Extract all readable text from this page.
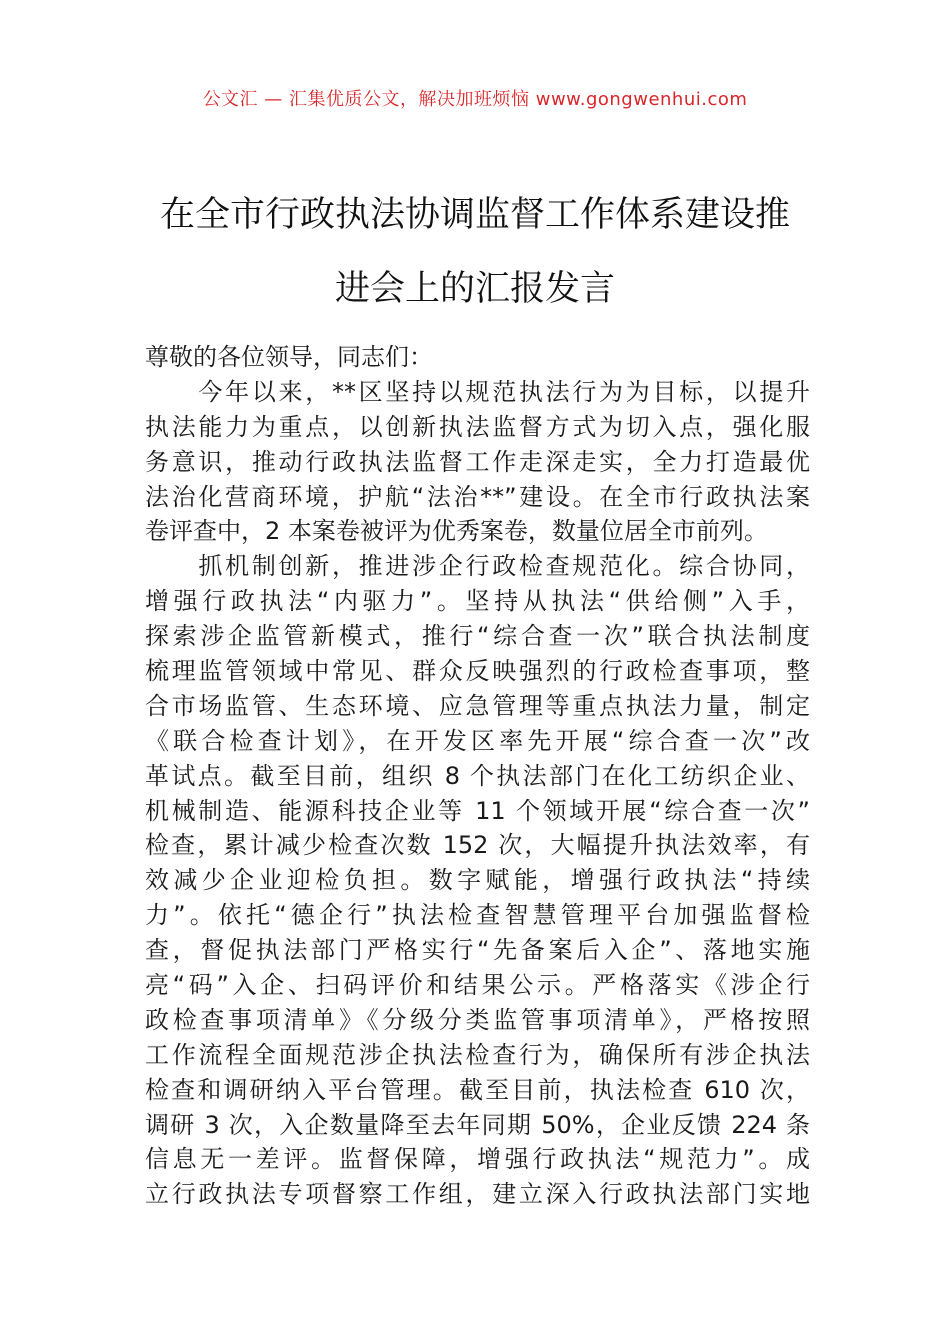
公文汇 — 汇集优质公文，解决加班烦恼 www.gongwenhui.com
在全市行政执法协调监督工作体系建设推
进会上的汇报发言
尊敬的各位领导，同志们：
　　今年以来，**区坚持以规范执法行为为目标，以提升
执法能力为重点，以创新执法监督方式为切入点，强化服
务意识，推动行政执法监督工作走深走实，全力打造最优
法治化营商环境，护航“法治**”建设。在全市行政执法案
卷评查中，2 本案卷被评为优秀案卷，数量位居全市前列。
　　抓机制创新，推进涉企行政检查规范化。综合协同，
增强行政执法“内驱力”。坚持从执法“供给侧”入手，
探索涉企监管新模式，推行“综合查一次”联合执法制度
梳理监管领域中常见、群众反映强烈的行政检查事项，整
合市场监管、生态环境、应急管理等重点执法力量，制定
《联合检查计划》，在开发区率先开展“综合查一次”改
革试点。截至目前，组织 8 个执法部门在化工纺织企业、
机械制造、能源科技企业等 11 个领域开展“综合查一次”
检查，累计减少检查次数 152 次，大幅提升执法效率，有
效减少企业迎检负担。数字赋能，增强行政执法“持续
力”。依托“德企行”执法检查智慧管理平台加强监督检
查，督促执法部门严格实行“先备案后入企”、落地实施
亮“码”入企、扫码评价和结果公示。严格落实《涉企行
政检查事项清单》《分级分类监管事项清单》，严格按照
工作流程全面规范涉企执法检查行为，确保所有涉企执法
检查和调研纳入平台管理。截至目前，执法检查 610 次，
调研 3 次，入企数量降至去年同期 50%，企业反馈 224 条
信息无一差评。监督保障，增强行政执法“规范力”。成
立行政执法专项督察工作组，建立深入行政执法部门实地
